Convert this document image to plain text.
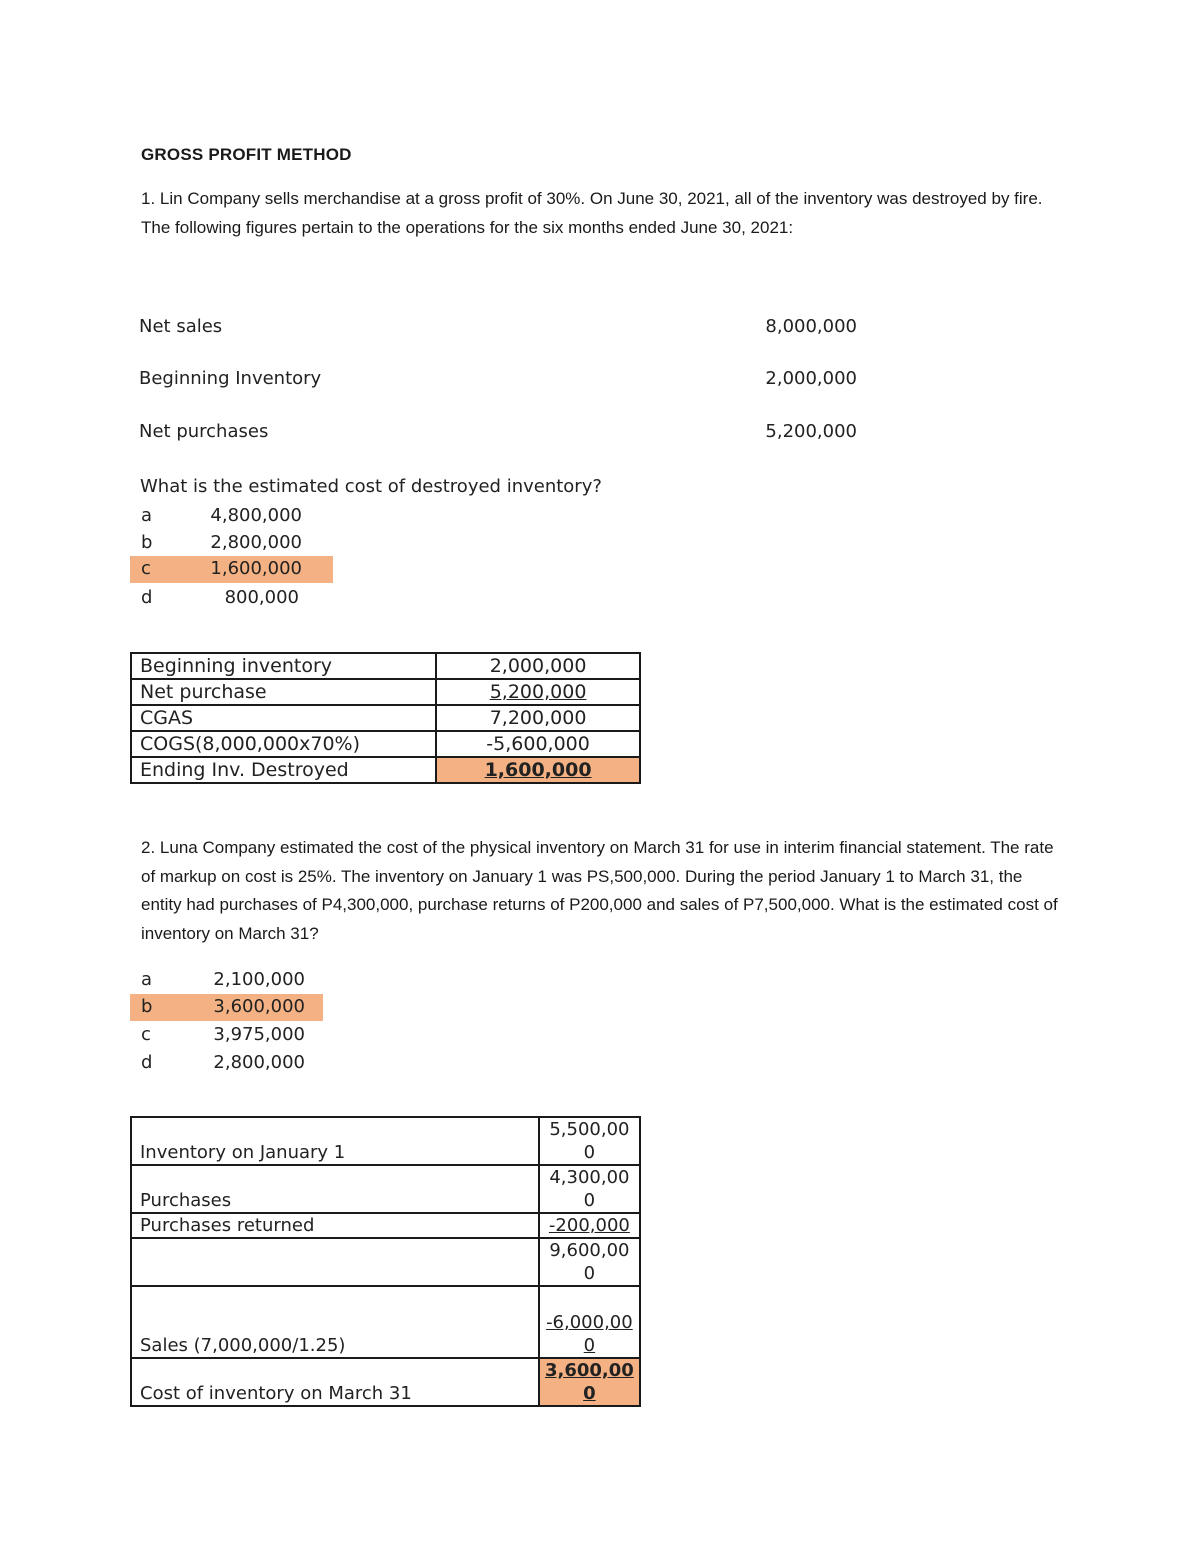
GROSS PROFIT METHOD
1. Lin Company sells merchandise at a gross profit of 30%. On June 30, 2021, all of the inventory was destroyed by fire. The following figures pertain to the operations for the six months ended June 30, 2021:
Net sales	8,000,000
Beginning Inventory	2,000,000
Net purchases	5,200,000
What is the estimated cost of destroyed inventory?
a	4,800,000
b	2,800,000
c	1,600,000
d	800,000
Beginning inventory	2,000,000
Net purchase	5,200,000
CGAS	7,200,000
COGS(8,000,000x70%)	-5,600,000
Ending Inv. Destroyed	1,600,000
2. Luna Company estimated the cost of the physical inventory on March 31 for use in interim financial statement. The rate of markup on cost is 25%. The inventory on January 1 was PS,500,000. During the period January 1 to March 31, the entity had purchases of P4,300,000, purchase returns of P200,000 and sales of P7,500,000. What is the estimated cost of inventory on March 31?
a	2,100,000
b	3,600,000
c	3,975,000
d	2,800,000
Inventory on January 1	5,500,000
Purchases	4,300,000
Purchases returned	-200,000
	9,600,000
Sales (7,000,000/1.25)	-6,000,000
Cost of inventory on March 31	3,600,000
